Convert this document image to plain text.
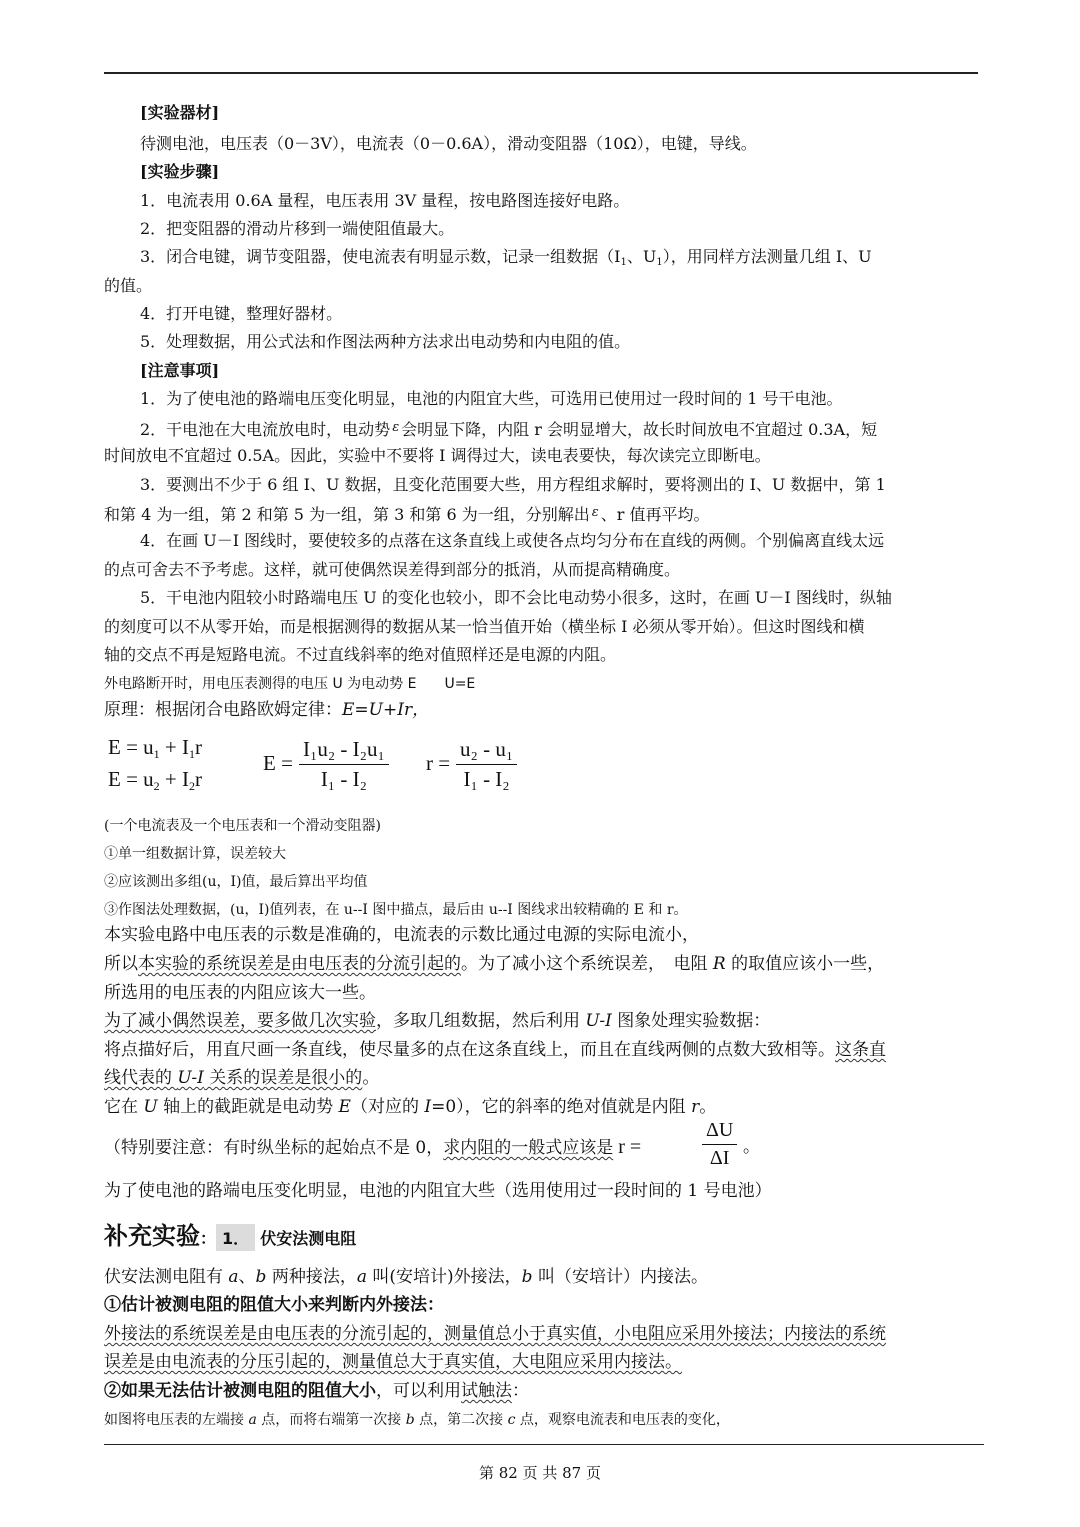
[实验器材]
待测电池，电压表（0－3V），电流表（0－0.6A），滑动变阻器（10Ω），电键，导线。
[实验步骤]
1．电流表用 0.6A 量程，电压表用 3V 量程，按电路图连接好电路。
2．把变阻器的滑动片移到一端使阻值最大。
3．闭合电键，调节变阻器，使电流表有明显示数，记录一组数据（$I_1$、$U_1$），用同样方法测量几组 I、U
的值。
4．打开电键，整理好器材。
5．处理数据，用公式法和作图法两种方法求出电动势和内电阻的值。
[注意事项]
1．为了使电池的路端电压变化明显，电池的内阻宜大些，可选用已使用过一段时间的 1 号干电池。
2．干电池在大电流放电时，电动势 $^\varepsilon$ 会明显下降，内阻 r 会明显增大，故长时间放电不宜超过 0.3A，短
时间放电不宜超过 0.5A。因此，实验中不要将 I 调得过大，读电表要快，每次读完立即断电。
3．要测出不少于 6 组 I、U 数据，且变化范围要大些，用方程组求解时，要将测出的 I、U 数据中，第 1
和第 4 为一组，第 2 和第 5 为一组，第 3 和第 6 为一组，分别解出 $^\varepsilon$ 、r 值再平均。
4．在画 U－I 图线时，要使较多的点落在这条直线上或使各点均匀分布在直线的两侧。个别偏离直线太远
的点可舍去不予考虑。这样，就可使偶然误差得到部分的抵消，从而提高精确度。
5．干电池内阻较小时路端电压 U 的变化也较小，即不会比电动势小很多，这时，在画 U－I 图线时，纵轴
的刻度可以不从零开始，而是根据测得的数据从某一恰当值开始（横坐标 I 必须从零开始）。但这时图线和横
轴的交点不再是短路电流。不过直线斜率的绝对值照样还是电源的内阻。
外电路断开时，用电压表测得的电压 U 为电动势 E　　U=E
原理：根据闭合电路欧姆定律：E=U+Ir，
$E = u_1 + I_1r$
$E = u_2 + I_2r$
$E = \frac{\text{I₁u₂ - I₂u₁}}{\text{I₁ - I₂}}$ $r = \frac{\text{u₂ - u₁}}{\text{I₁ - I₂}}$
(一个电流表及一个电压表和一个滑动变阻器)
①单一组数据计算，误差较大
②应该测出多组(u，I)值，最后算出平均值
③作图法处理数据，(u，I)值列表，在 u--I 图中描点，最后由 u--I 图线求出较精确的 E 和 r。
本实验电路中电压表的示数是准确的，电流表的示数比通过电源的实际电流小，
所以本实验的系统误差是由电压表的分流引起的。为了减小这个系统误差，　电阻 R 的取值应该小一些，
所选用的电压表的内阻应该大一些。
为了减小偶然误差，要多做几次实验，多取几组数据，然后利用 U-I 图象处理实验数据：
将点描好后，用直尺画一条直线，使尽量多的点在这条直线上，而且在直线两侧的点数大致相等。这条直
线代表的 U-I 关系的误差是很小的。
它在 U 轴上的截距就是电动势 E（对应的 I=0），它的斜率的绝对值就是内阻 r。
（特别要注意：有时纵坐标的起始点不是 0，求内阻的一般式应该是 r =	$\frac{\Delta U}{\Delta I}$ 。
为了使电池的路端电压变化明显，电池的内阻宜大些（选用使用过一段时间的 1 号电池）
补充实验： 1． 伏安法测电阻
伏安法测电阻有 a、b 两种接法，a 叫(安培计)外接法，b 叫（安培计）内接法。
①估计被测电阻的阻值大小来判断内外接法：
外接法的系统误差是由电压表的分流引起的，测量值总小于真实值，小电阻应采用外接法；内接法的系统
误差是由电流表的分压引起的，测量值总大于真实值，大电阻应采用内接法。
②如果无法估计被测电阻的阻值大小，可以利用试触法：
如图将电压表的左端接 a 点，而将右端第一次接 b 点，第二次接 c 点，观察电流表和电压表的变化，
第 82 页 共 87 页
